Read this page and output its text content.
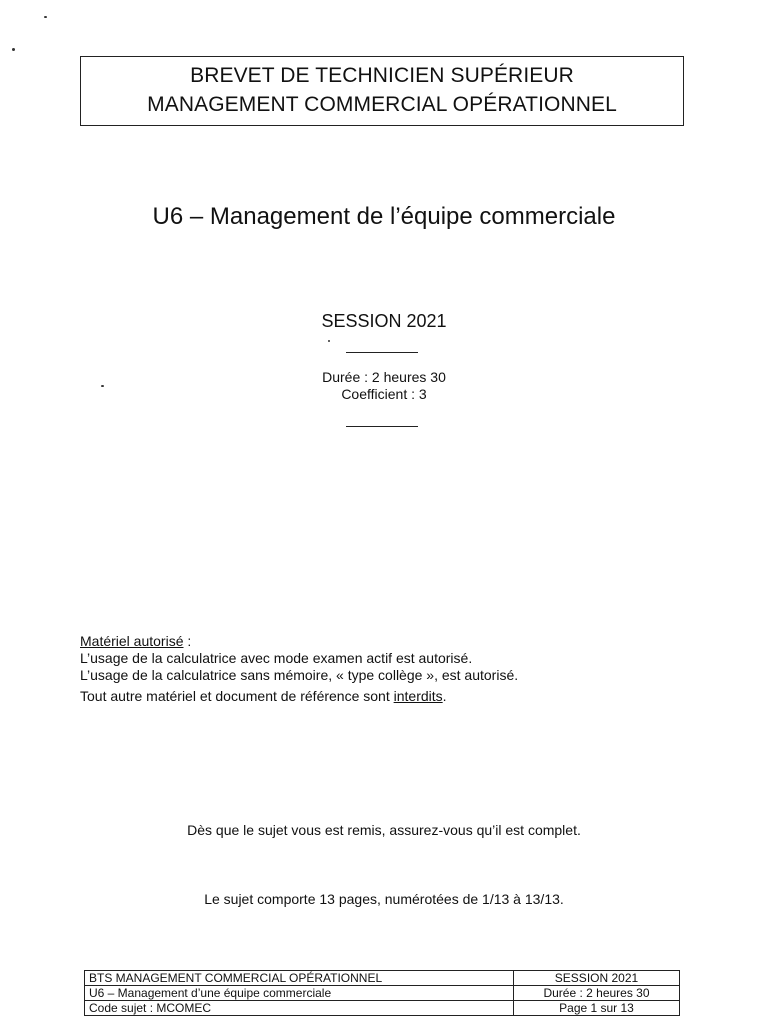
BREVET DE TECHNICIEN SUPÉRIEUR
MANAGEMENT COMMERCIAL OPÉRATIONNEL
U6 – Management de l’équipe commerciale
SESSION 2021
Durée : 2 heures 30
Coefficient : 3
Matériel autorisé :
L’usage de la calculatrice avec mode examen actif est autorisé.
L’usage de la calculatrice sans mémoire, « type collège », est autorisé.
Tout autre matériel et document de référence sont interdits.
Dès que le sujet vous est remis, assurez-vous qu’il est complet.
Le sujet comporte 13 pages, numérotées de 1/13 à 13/13.
BTS MANAGEMENT COMMERCIAL OPÉRATIONNEL	SESSION 2021
U6 – Management d’une équipe commerciale	Durée : 2 heures 30
Code sujet : MCOMEC	Page 1 sur 13
